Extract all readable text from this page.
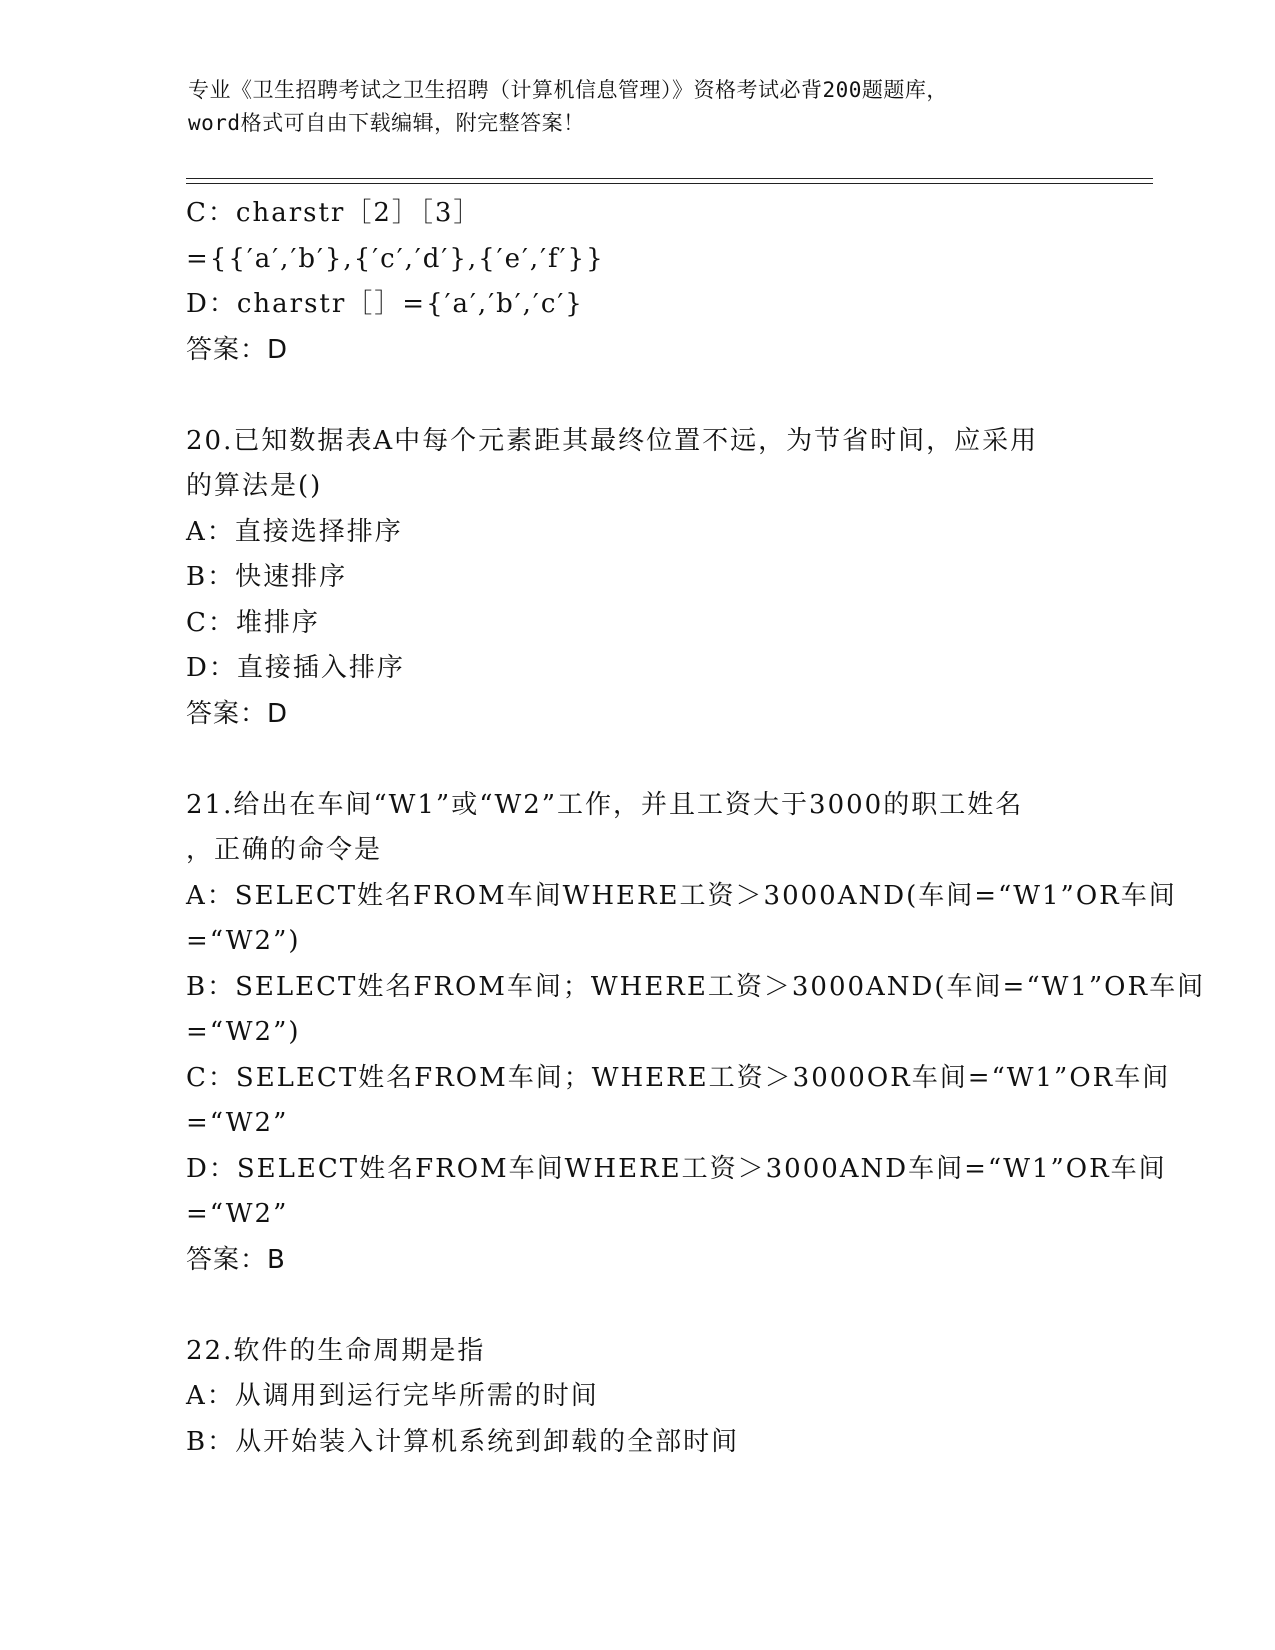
专业《卫生招聘考试之卫生招聘（计算机信息管理）》资格考试必背200题题库，
word格式可自由下载编辑，附完整答案！
C：charstr［2］［3］
={{′a′,′b′},{′c′,′d′},{′e′,′f′}}
D：charstr［］={′a′,′b′,′c′}
答案：D
20.已知数据表A中每个元素距其最终位置不远，为节省时间，应采用
的算法是()
A：直接选择排序
B：快速排序
C：堆排序
D：直接插入排序
答案：D
21.给出在车间“W1”或“W2”工作，并且工资大于3000的职工姓名
，正确的命令是
A：SELECT姓名FROM车间WHERE工资＞3000AND(车间=“W1”OR车间
=“W2”)
B：SELECT姓名FROM车间；WHERE工资＞3000AND(车间=“W1”OR车间
=“W2”)
C：SELECT姓名FROM车间；WHERE工资＞3000OR车间=“W1”OR车间
=“W2”
D：SELECT姓名FROM车间WHERE工资＞3000AND车间=“W1”OR车间
=“W2”
答案：B
22.软件的生命周期是指
A：从调用到运行完毕所需的时间
B：从开始装入计算机系统到卸载的全部时间
